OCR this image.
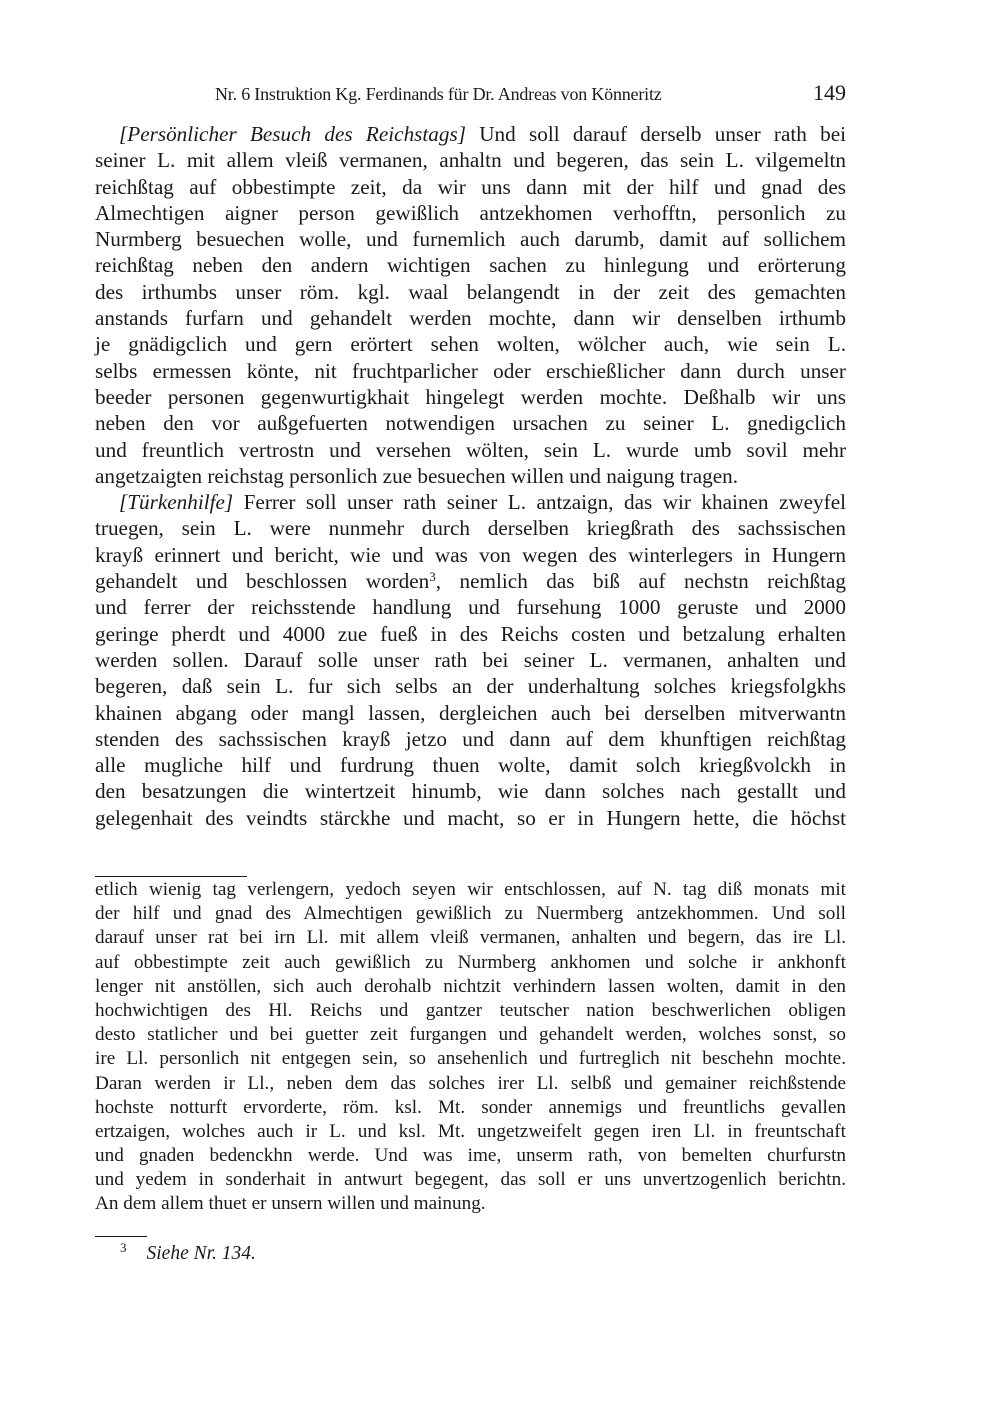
Nr. 6 Instruktion Kg. Ferdinands für Dr. Andreas von Könneritz	149
[Persönlicher Besuch des Reichstags] Und soll darauf derselb unser rath bei
seiner L. mit allem vleiß vermanen, anhaltn und begeren, das sein L. vilgemeltn
reichßtag auf obbestimpte zeit, da wir uns dann mit der hilf und gnad des
Almechtigen aigner person gewißlich antzekhomen verhofftn, personlich zu
Nurmberg besuechen wolle, und furnemlich auch darumb, damit auf sollichem
reichßtag neben den andern wichtigen sachen zu hinlegung und erörterung
des irthumbs unser röm. kgl. waal belangendt in der zeit des gemachten
anstands furfarn und gehandelt werden mochte, dann wir denselben irthumb
je gnädigclich und gern erörtert sehen wolten, wölcher auch, wie sein L.
selbs ermessen könte, nit fruchtparlicher oder erschießlicher dann durch unser
beeder personen gegenwurtigkhait hingelegt werden mochte. Deßhalb wir uns
neben den vor außgefuerten notwendigen ursachen zu seiner L. gnedigclich
und freuntlich vertrostn und versehen wölten, sein L. wurde umb sovil mehr
angetzaigten reichstag personlich zue besuechen willen und naigung tragen.
[Türkenhilfe] Ferrer soll unser rath seiner L. antzaign, das wir khainen zweyfel
truegen, sein L. were nunmehr durch derselben kriegßrath des sachssischen
krayß erinnert und bericht, wie und was von wegen des winterlegers in Hungern
gehandelt und beschlossen worden$^3$, nemlich das biß auf nechstn reichßtag
und ferrer der reichsstende handlung und fursehung 1000 geruste und 2000
geringe pherdt und 4000 zue fueß in des Reichs costen und betzalung erhalten
werden sollen. Darauf solle unser rath bei seiner L. vermanen, anhalten und
begeren, daß sein L. fur sich selbs an der underhaltung solches kriegsfolgkhs
khainen abgang oder mangl lassen, dergleichen auch bei derselben mitverwantn
stenden des sachssischen krayß jetzo und dann auf dem khunftigen reichßtag
alle mugliche hilf und furdrung thuen wolte, damit solch kriegßvolckh in
den besatzungen die wintertzeit hinumb, wie dann solches nach gestallt und
gelegenhait des veindts stärckhe und macht, so er in Hungern hette, die höchst
etlich wienig tag verlengern, yedoch seyen wir entschlossen, auf N. tag diß monats mit
der hilf und gnad des Almechtigen gewißlich zu Nuermberg antzekhommen. Und soll
darauf unser rat bei irn Ll. mit allem vleiß vermanen, anhalten und begern, das ire Ll.
auf obbestimpte zeit auch gewißlich zu Nurmberg ankhomen und solche ir ankhonft
lenger nit anstöllen, sich auch derohalb nichtzit verhindern lassen wolten, damit in den
hochwichtigen des Hl. Reichs und gantzer teutscher nation beschwerlichen obligen
desto statlicher und bei guetter zeit furgangen und gehandelt werden, wolches sonst, so
ire Ll. personlich nit entgegen sein, so ansehenlich und furtreglich nit beschehn mochte.
Daran werden ir Ll., neben dem das solches irer Ll. selbß und gemainer reichßstende
hochste notturft ervorderte, röm. ksl. Mt. sonder annemigs und freuntlichs gevallen
ertzaigen, wolches auch ir L. und ksl. Mt. ungetzweifelt gegen iren Ll. in freuntschaft
und gnaden bedenckhn werde. Und was ime, unserm rath, von bemelten churfurstn
und yedem in sonderhait in antwurt begegent, das soll er uns unvertzogenlich berichtn.
An dem allem thuet er unsern willen und mainung.
$^3$ Siehe Nr. 134.
